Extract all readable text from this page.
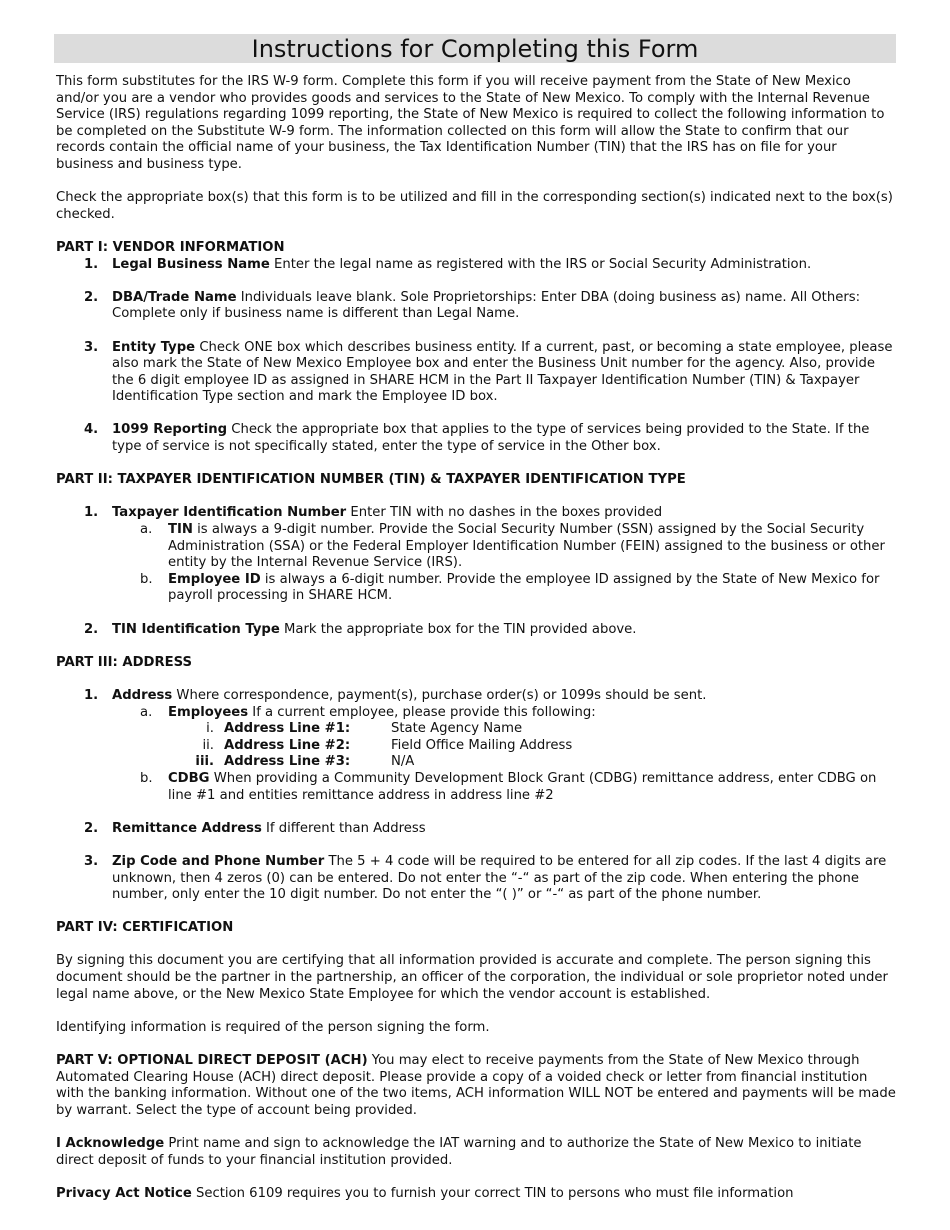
Instructions for Completing this Form

This form substitutes for the IRS W-9 form. Complete this form if you will receive payment from the State of New Mexico and/or you are a vendor who provides goods and services to the State of New Mexico. To comply with the Internal Revenue Service (IRS) regulations regarding 1099 reporting, the State of New Mexico is required to collect the following information to be completed on the Substitute W-9 form. The information collected on this form will allow the State to confirm that our records contain the official name of your business, the Tax Identification Number (TIN) that the IRS has on file for your business and business type.

Check the appropriate box(s) that this form is to be utilized and fill in the corresponding section(s) indicated next to the box(s) checked.

PART I: VENDOR INFORMATION

1. Legal Business Name Enter the legal name as registered with the IRS or Social Security Administration.
2. DBA/Trade Name Individuals leave blank. Sole Proprietorships: Enter DBA (doing business as) name. All Others: Complete only if business name is different than Legal Name.
3. Entity Type Check ONE box which describes business entity. If a current, past, or becoming a state employee, please also mark the State of New Mexico Employee box and enter the Business Unit number for the agency. Also, provide the 6 digit employee ID as assigned in SHARE HCM in the Part II Taxpayer Identification Number (TIN) & Taxpayer Identification Type section and mark the Employee ID box.
4. 1099 Reporting Check the appropriate box that applies to the type of services being provided to the State. If the type of service is not specifically stated, enter the type of service in the Other box.

PART II: TAXPAYER IDENTIFICATION NUMBER (TIN) & TAXPAYER IDENTIFICATION TYPE

1. Taxpayer Identification Number Enter TIN with no dashes in the boxes provided
a. TIN is always a 9-digit number. Provide the Social Security Number (SSN) assigned by the Social Security Administration (SSA) or the Federal Employer Identification Number (FEIN) assigned to the business or other entity by the Internal Revenue Service (IRS).
b. Employee ID is always a 6-digit number. Provide the employee ID assigned by the State of New Mexico for payroll processing in SHARE HCM.
2. TIN Identification Type Mark the appropriate box for the TIN provided above.

PART III: ADDRESS

1. Address Where correspondence, payment(s), purchase order(s) or 1099s should be sent.
a. Employees If a current employee, please provide this following:
i. Address Line #1:	State Agency Name
ii. Address Line #2:	Field Office Mailing Address
iii. Address Line #3:	N/A
b. CDBG When providing a Community Development Block Grant (CDBG) remittance address, enter CDBG on line #1 and entities remittance address in address line #2
2. Remittance Address If different than Address
3. Zip Code and Phone Number The 5 + 4 code will be required to be entered for all zip codes. If the last 4 digits are unknown, then 4 zeros (0) can be entered. Do not enter the “-“ as part of the zip code. When entering the phone number, only enter the 10 digit number. Do not enter the “( )” or “-“ as part of the phone number.

PART IV: CERTIFICATION

By signing this document you are certifying that all information provided is accurate and complete. The person signing this document should be the partner in the partnership, an officer of the corporation, the individual or sole proprietor noted under legal name above, or the New Mexico State Employee for which the vendor account is established.

Identifying information is required of the person signing the form.

PART V: OPTIONAL DIRECT DEPOSIT (ACH) You may elect to receive payments from the State of New Mexico through Automated Clearing House (ACH) direct deposit. Please provide a copy of a voided check or letter from financial institution with the banking information. Without one of the two items, ACH information WILL NOT be entered and payments will be made by warrant. Select the type of account being provided.

I Acknowledge Print name and sign to acknowledge the IAT warning and to authorize the State of New Mexico to initiate direct deposit of funds to your financial institution provided.

Privacy Act Notice Section 6109 requires you to furnish your correct TIN to persons who must file information
